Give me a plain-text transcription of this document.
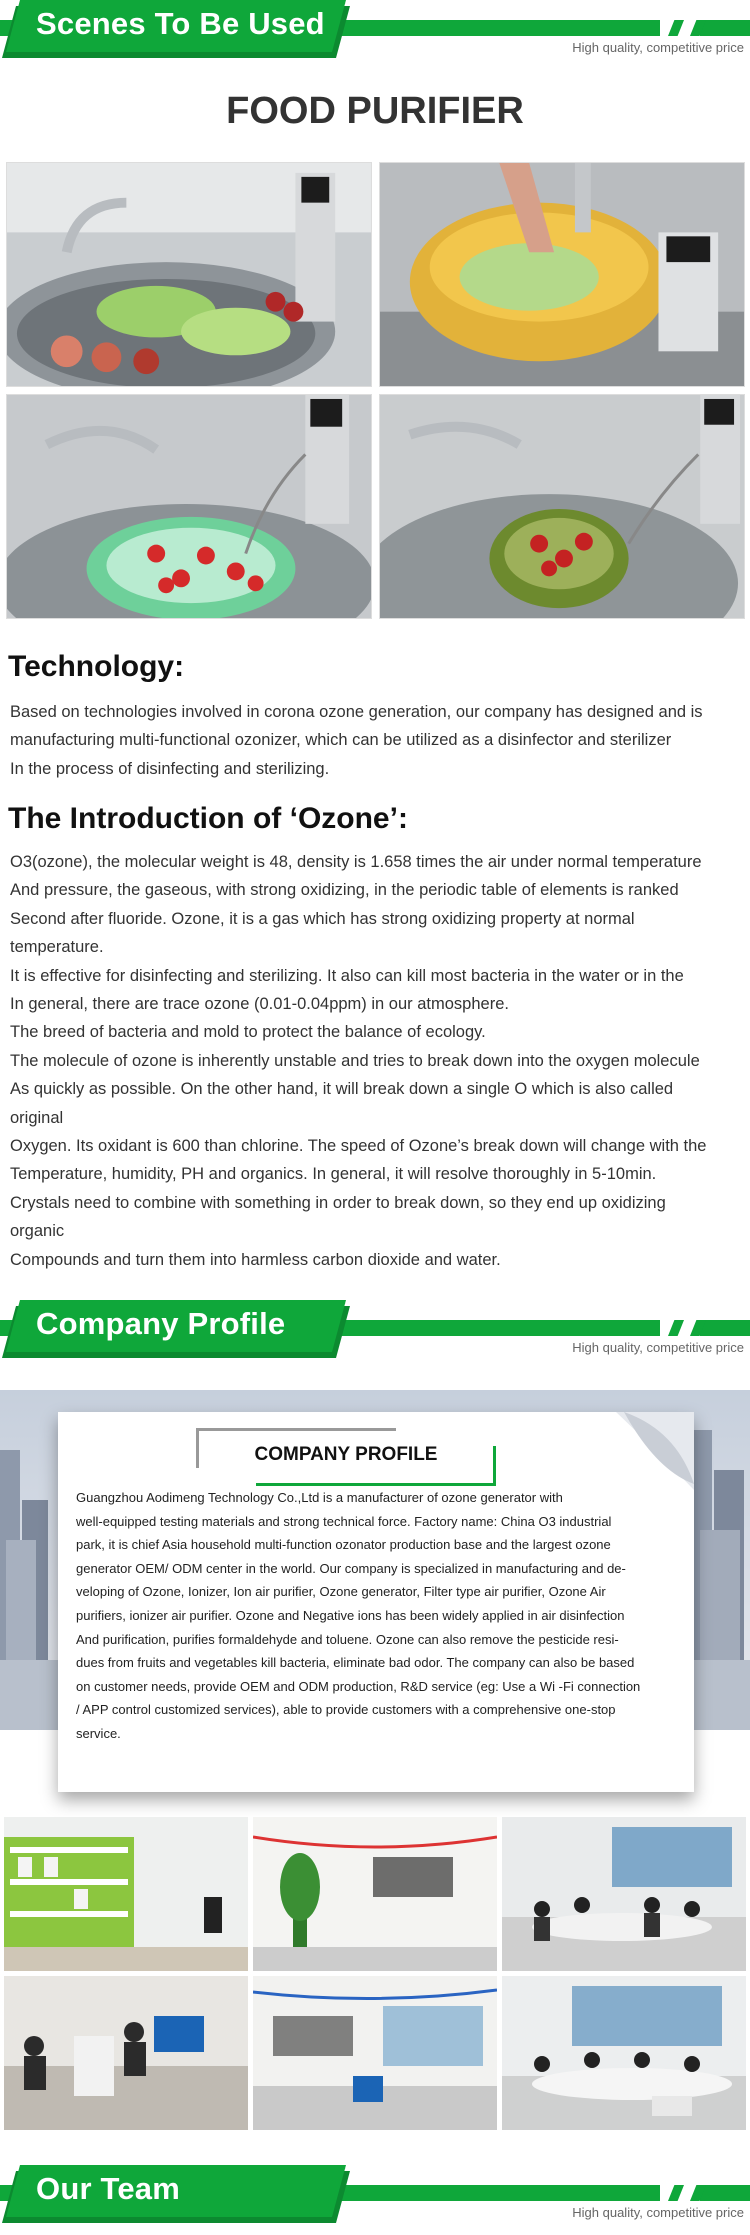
Scenes To Be Used
High quality, competitive price
FOOD PURIFIER
Technology:

Based on technologies involved in corona ozone generation, our company has designed and is

manufacturing multi-functional ozonizer, which can be utilized as a disinfector and sterilizer

In the process of disinfecting and sterilizing.

The Introduction of ‘Ozone’:

O3(ozone), the molecular weight is 48, density is 1.658 times the air under normal temperature

And pressure, the gaseous, with strong oxidizing, in the periodic table of elements is ranked

Second after fluoride. Ozone, it is a gas which has strong oxidizing property at normal

temperature.

It is effective for disinfecting and sterilizing. It also can kill most bacteria in the water or in the

In general, there are trace ozone (0.01-0.04ppm) in our atmosphere.

The breed of bacteria and mold to protect the balance of ecology.

The molecule of ozone is inherently unstable and tries to break down into the oxygen molecule

As quickly as possible. On the other hand, it will break down a single O which is also called

original

Oxygen. Its oxidant is 600 than chlorine. The speed of Ozone’s break down will change with the

Temperature, humidity, PH and organics. In general, it will resolve thoroughly in 5-10min.

Crystals need to combine with something in order to break down, so they end up oxidizing

organic

Compounds and turn them into harmless carbon dioxide and water.

Company Profile
High quality, competitive price
COMPANY PROFILE

Guangzhou Aodimeng Technology Co.,Ltd is a manufacturer of ozone generator with

well-equipped testing materials and strong technical force. Factory name: China O3 industrial

park, it is chief Asia household multi-function ozonator production base and the largest ozone

generator OEM/ ODM center in the world. Our company is specialized in manufacturing and de-

veloping of Ozone, Ionizer, Ion air purifier, Ozone generator, Filter type air purifier, Ozone Air

purifiers, ionizer air purifier. Ozone and Negative ions has been widely applied in air disinfection

And purification, purifies formaldehyde and toluene. Ozone can also remove the pesticide resi-

dues from fruits and vegetables kill bacteria, eliminate bad odor. The company can also be based

on customer needs, provide OEM and ODM production, R&D service (eg: Use a Wi -Fi connection

/ APP control customized services), able to provide customers with a comprehensive one-stop

service.

Our Team
High quality, competitive price
